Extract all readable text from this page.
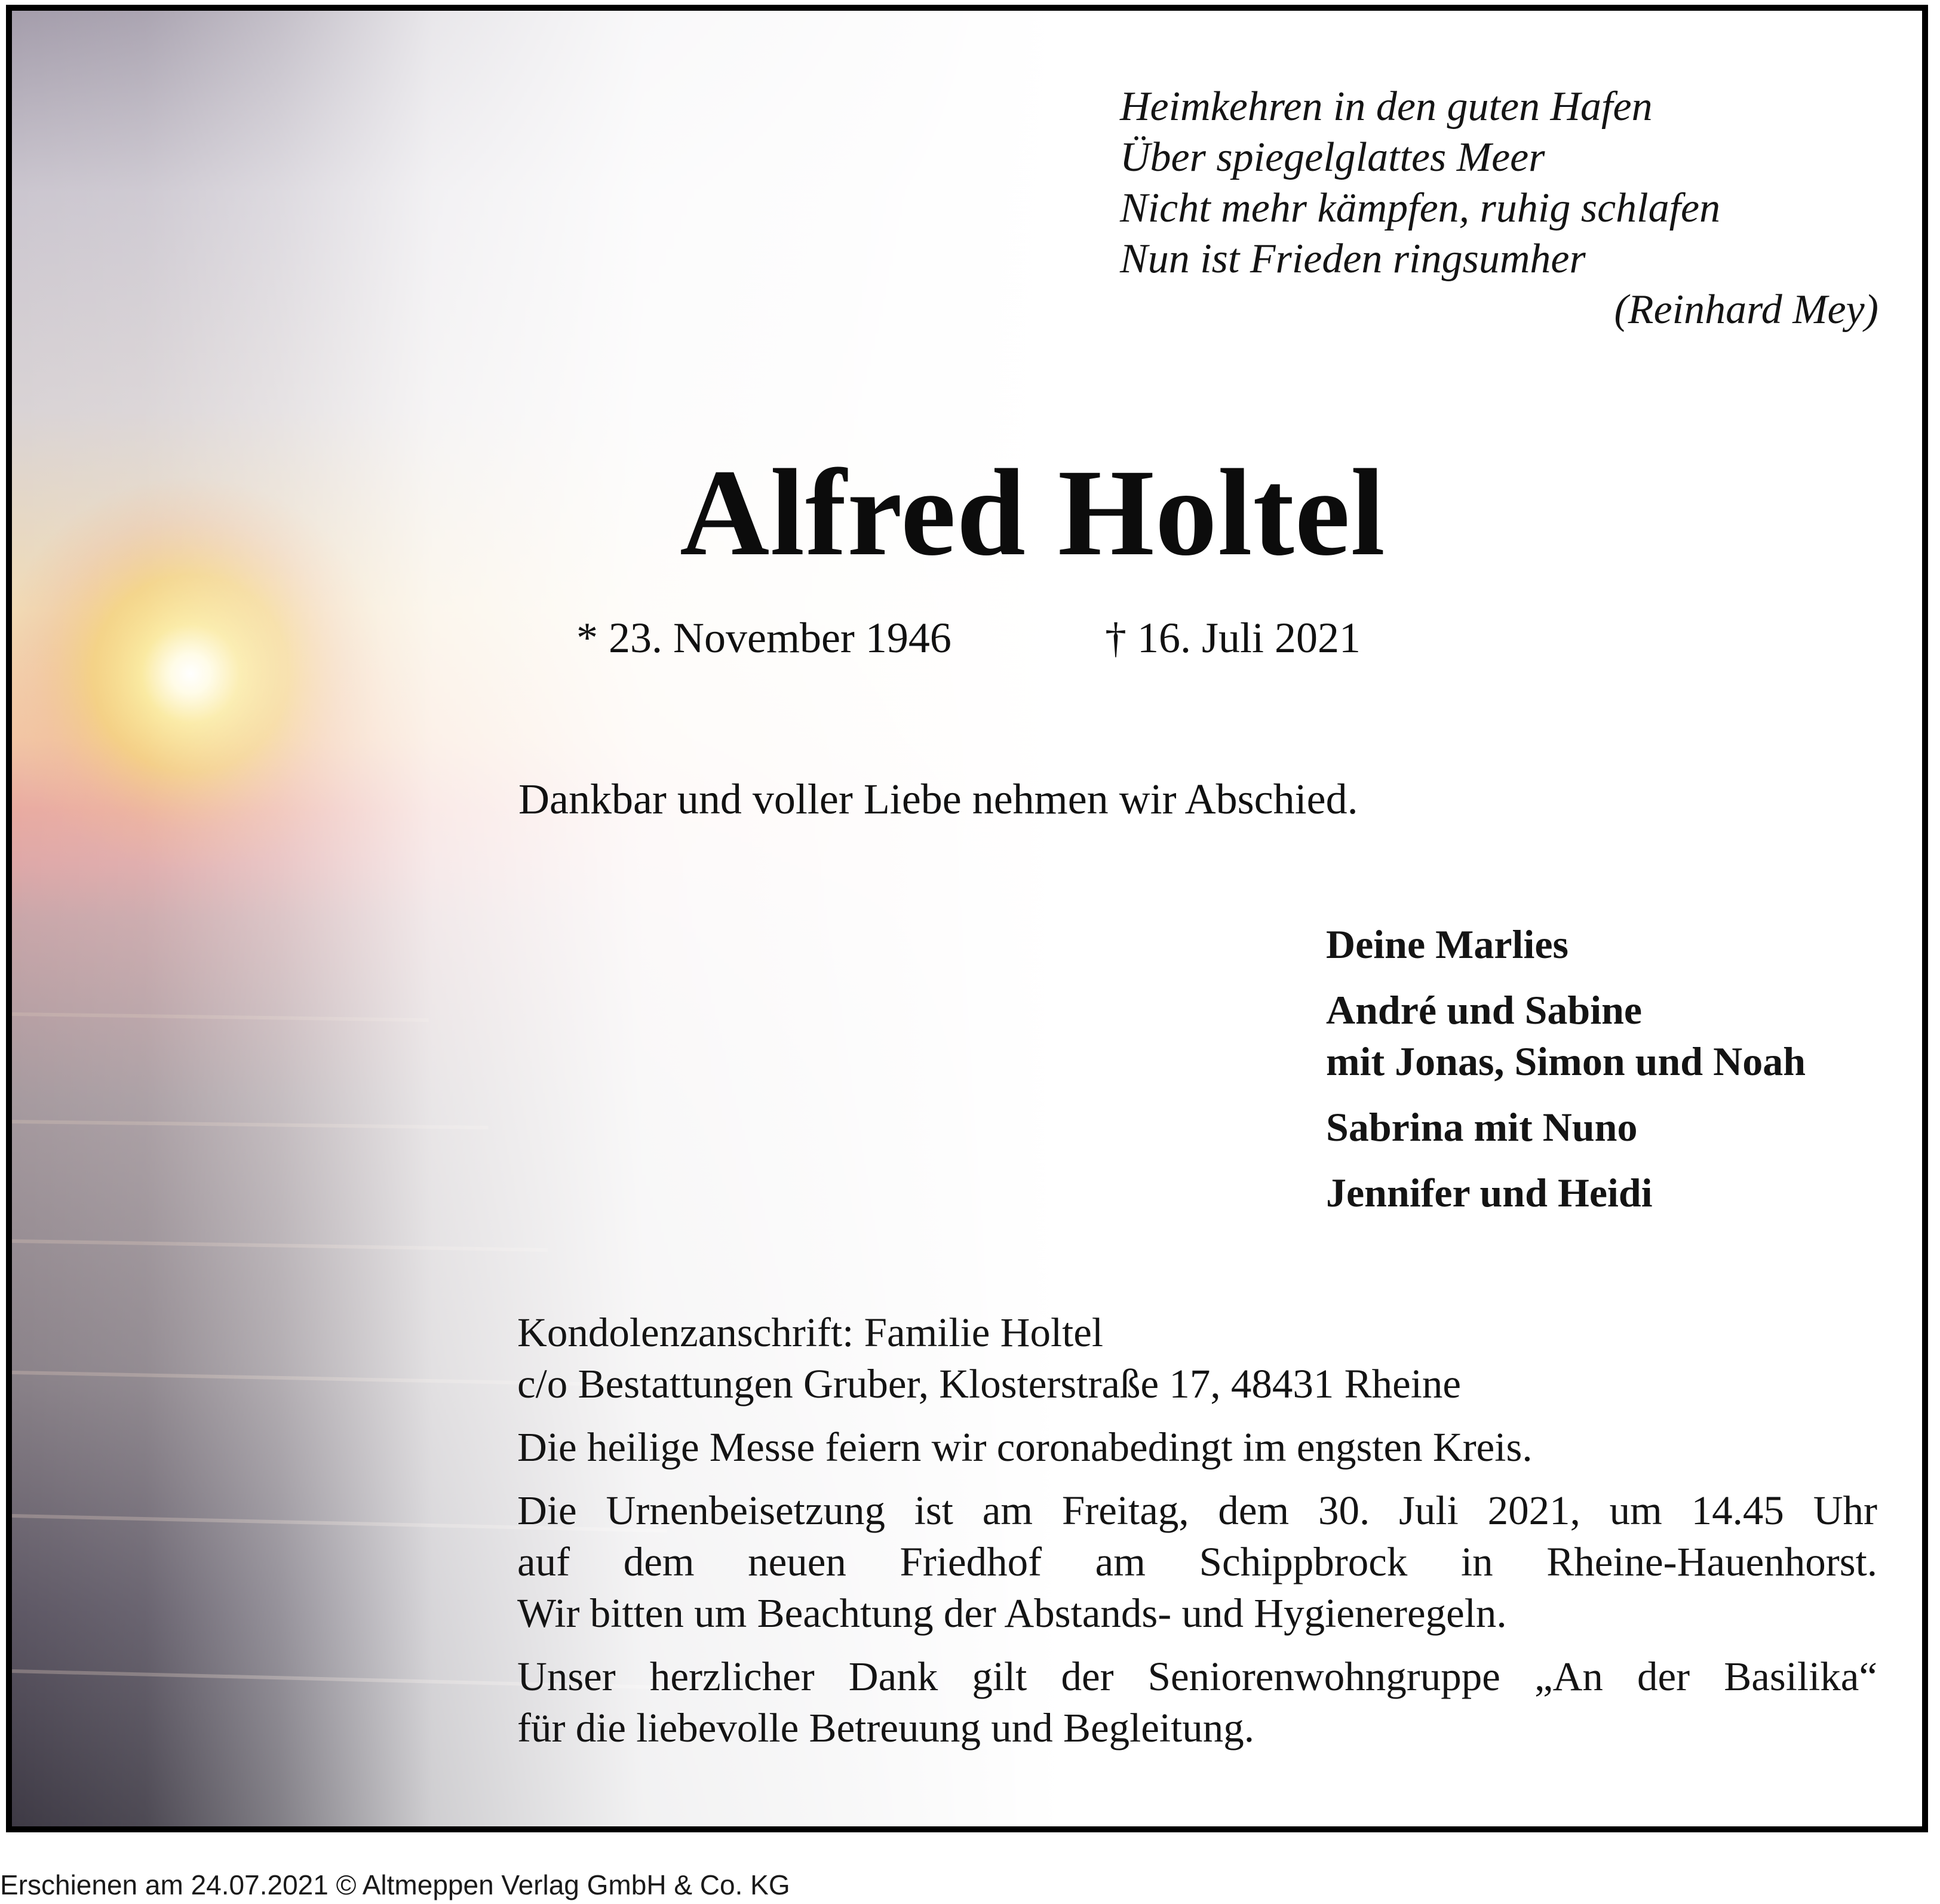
Heimkehren in den guten Hafen
Über spiegelglattes Meer
Nicht mehr kämpfen, ruhig schlafen
Nun ist Frieden ringsumher
(Reinhard Mey)
Alfred Holtel
* 23. November 1946	† 16. Juli 2021
Dankbar und voller Liebe nehmen wir Abschied.
Deine Marlies
André und Sabine
mit Jonas, Simon und Noah
Sabrina mit Nuno
Jennifer und Heidi
Kondolenzanschrift: Familie Holtel
c/o Bestattungen Gruber, Klosterstraße 17, 48431 Rheine
Die heilige Messe feiern wir coronabedingt im engsten Kreis.
Die Urnenbeisetzung ist am Freitag, dem 30. Juli 2021, um 14.45 Uhr
auf dem neuen Friedhof am Schippbrock in Rheine-Hauenhorst.
Wir bitten um Beachtung der Abstands- und Hygieneregeln.
Unser herzlicher Dank gilt der Seniorenwohngruppe „An der Basilika“
für die liebevolle Betreuung und Begleitung.
Erschienen am 24.07.2021 © Altmeppen Verlag GmbH & Co. KG
